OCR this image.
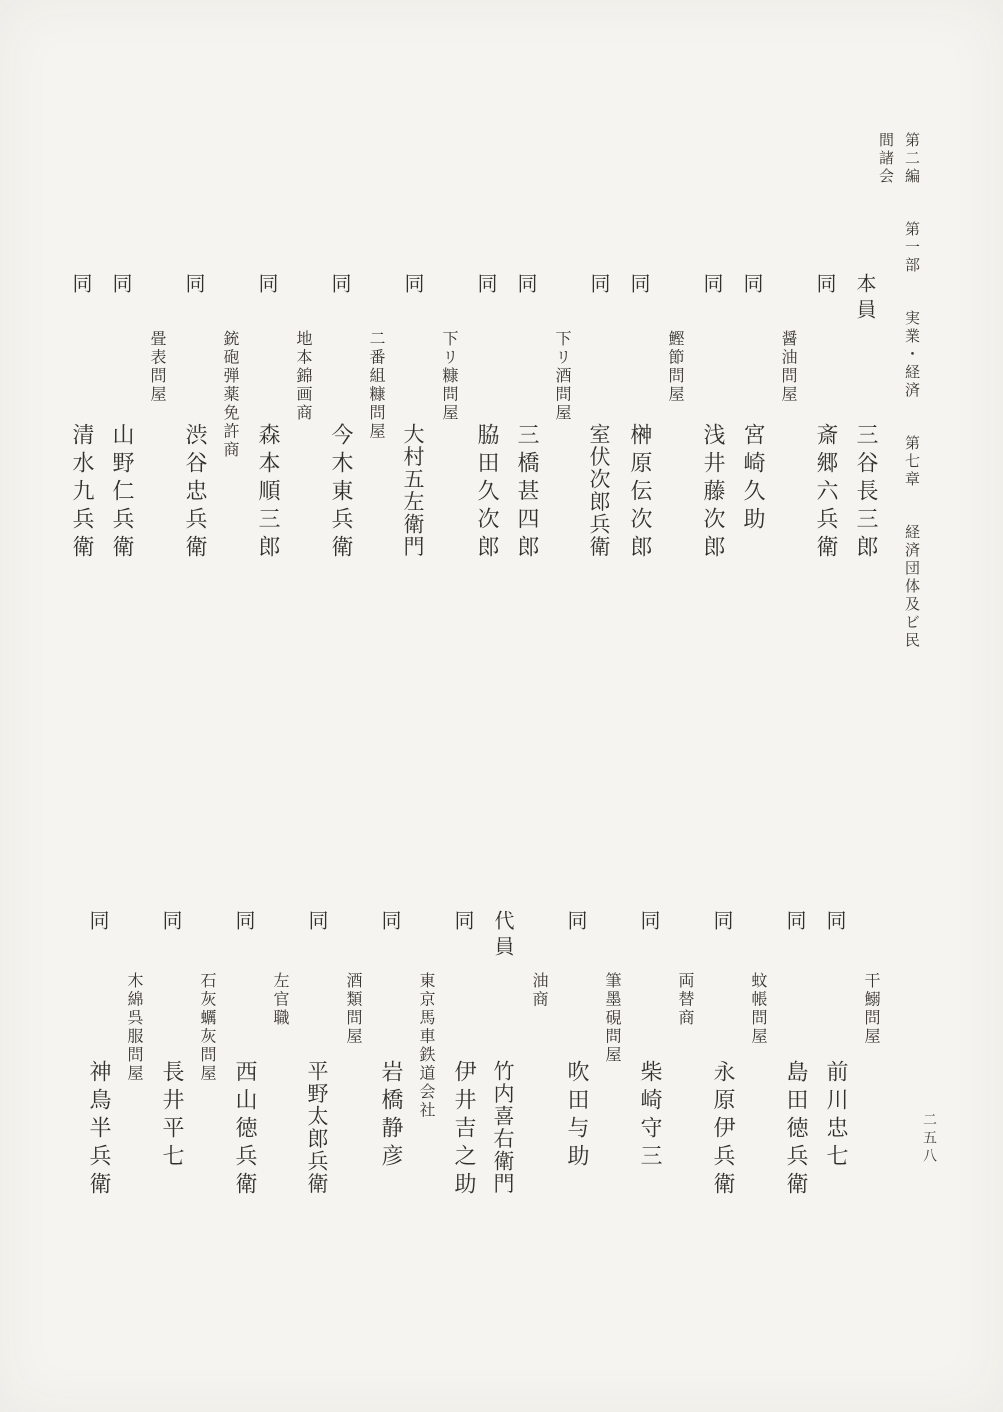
第二編 第一部 実業・経済 第七章 経済団体及ビ民間諸会
本員三谷長三郎
同斎郷六兵衛
醤油問屋
同宮崎久助
同浅井藤次郎
鰹節問屋
同榊原伝次郎
同室伏次郎兵衛
下リ酒問屋
同三橋甚四郎
同脇田久次郎
下リ糠問屋
同大村五左衛門
二番組糠問屋
同今木東兵衛
地本錦画商
同森本順三郎
銃砲弾薬免許商
同渋谷忠兵衛
畳表問屋
同山野仁兵衛
同清水九兵衛
干鰯問屋
同前川忠七
同島田徳兵衛
蚊帳問屋
同永原伊兵衛
両替商
同柴崎守三
筆墨硯問屋
同吹田与助
油商
代員竹内喜右衛門
同伊井吉之助
東京馬車鉄道会社
同岩橋静彦
酒類問屋
同平野太郎兵衛
左官職
同西山徳兵衛
石灰蠣灰問屋
同長井平七
木綿呉服問屋
同神鳥半兵衛	二五八
